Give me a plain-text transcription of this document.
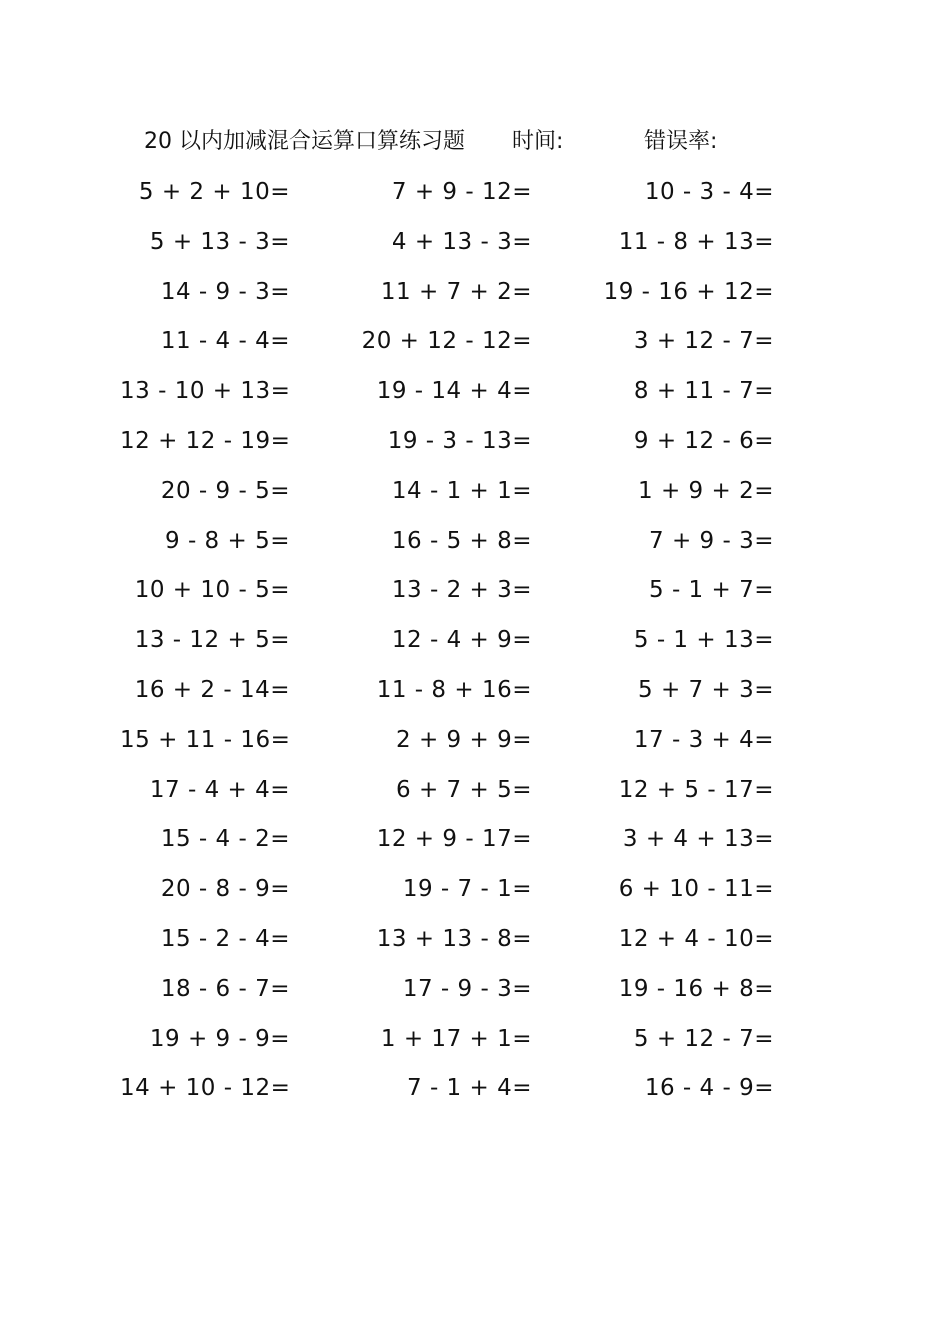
20 以内加减混合运算口算练习题 时间:	错误率:
5 + 2 + 10=	7 + 9 - 12=	10 - 3 - 4=
5 + 13 - 3=	4 + 13 - 3=	11 - 8 + 13=
14 - 9 - 3=	11 + 7 + 2=	19 - 16 + 12=
11 - 4 - 4=	20 + 12 - 12=	3 + 12 - 7=
13 - 10 + 13=	19 - 14 + 4=	8 + 11 - 7=
12 + 12 - 19=	19 - 3 - 13=	9 + 12 - 6=
20 - 9 - 5=	14 - 1 + 1=	1 + 9 + 2=
9 - 8 + 5=	16 - 5 + 8=	7 + 9 - 3=
10 + 10 - 5=	13 - 2 + 3=	5 - 1 + 7=
13 - 12 + 5=	12 - 4 + 9=	5 - 1 + 13=
16 + 2 - 14=	11 - 8 + 16=	5 + 7 + 3=
15 + 11 - 16=	2 + 9 + 9=	17 - 3 + 4=
17 - 4 + 4=	6 + 7 + 5=	12 + 5 - 17=
15 - 4 - 2=	12 + 9 - 17=	3 + 4 + 13=
20 - 8 - 9=	19 - 7 - 1=	6 + 10 - 11=
15 - 2 - 4=	13 + 13 - 8=	12 + 4 - 10=
18 - 6 - 7=	17 - 9 - 3=	19 - 16 + 8=
19 + 9 - 9=	1 + 17 + 1=	5 + 12 - 7=
14 + 10 - 12=	7 - 1 + 4=	16 - 4 - 9=
